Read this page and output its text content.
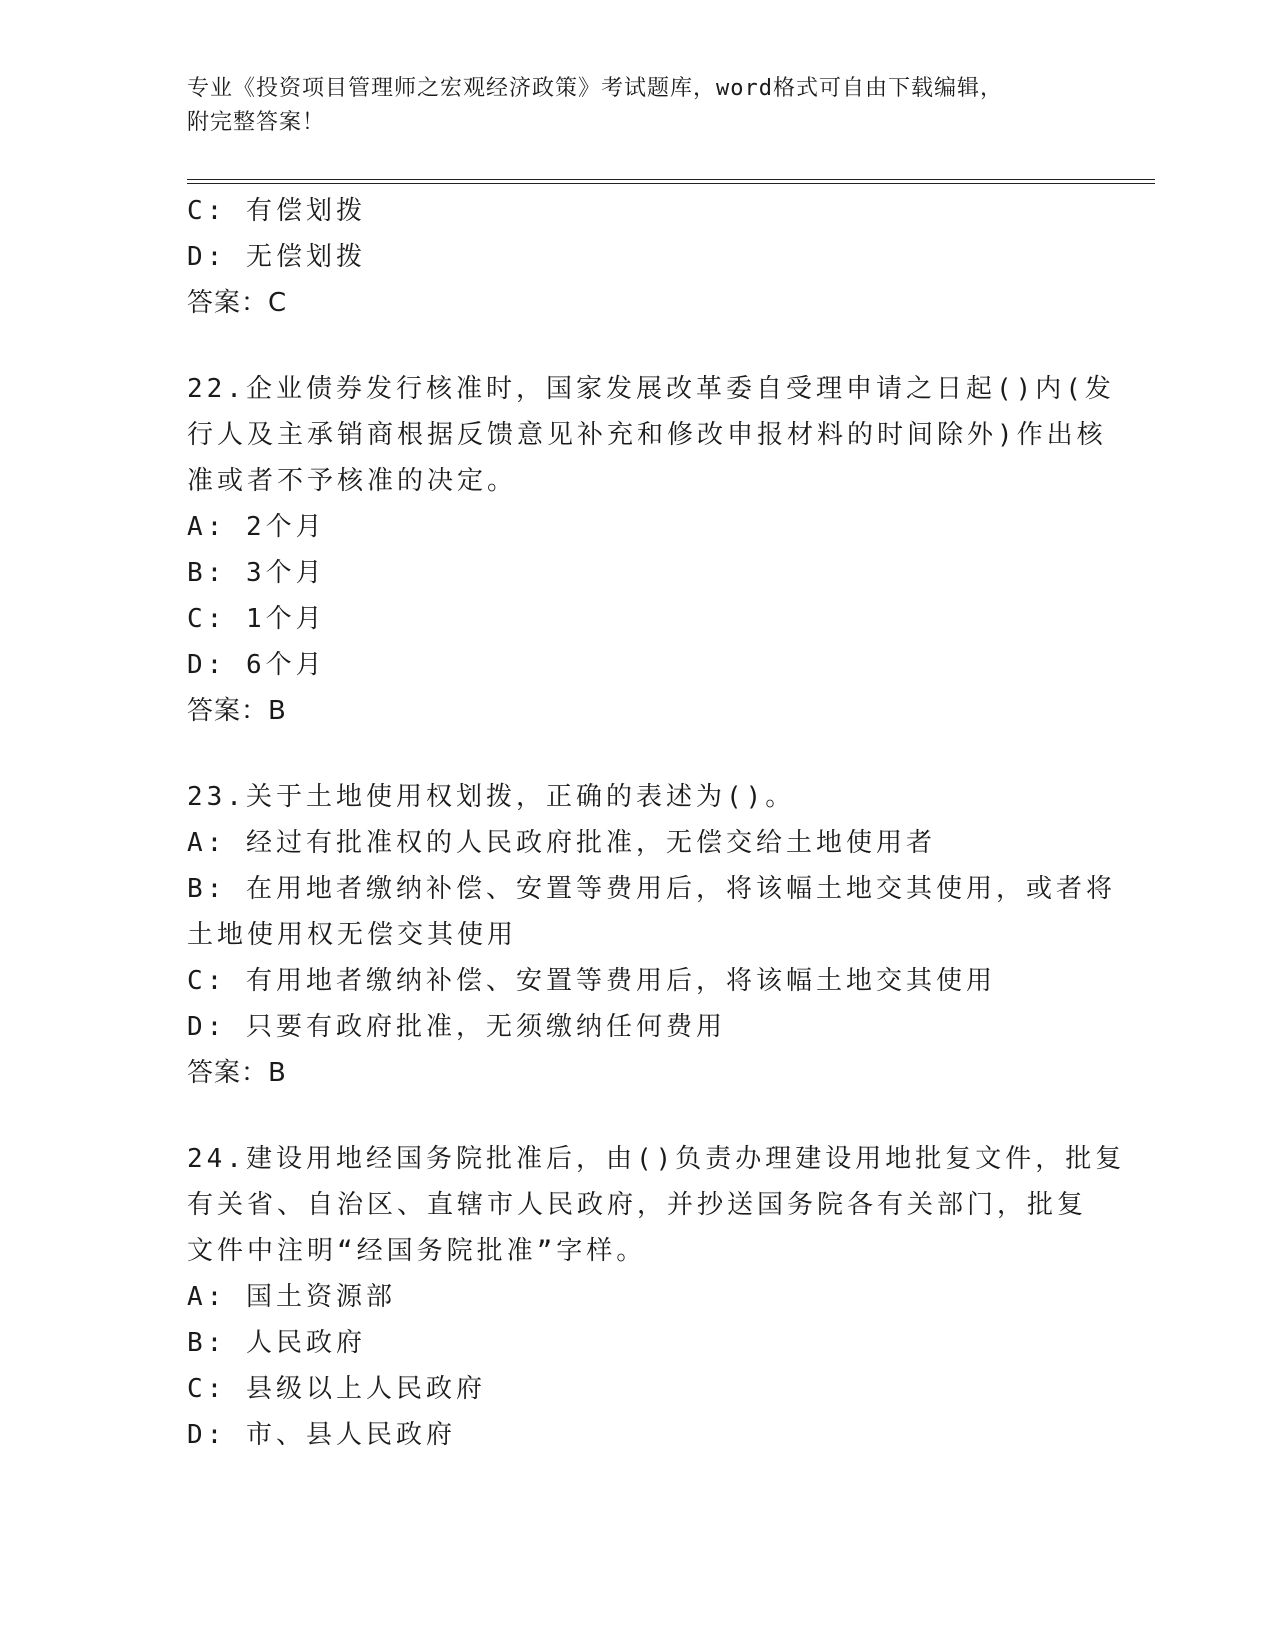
专业《投资项目管理师之宏观经济政策》考试题库，word格式可自由下载编辑，
附完整答案！
C: 有偿划拨
D: 无偿划拨
答案：C
22.企业债券发行核准时，国家发展改革委自受理申请之日起()内(发
行人及主承销商根据反馈意见补充和修改申报材料的时间除外)作出核
准或者不予核准的决定。
A: 2个月
B: 3个月
C: 1个月
D: 6个月
答案：B
23.关于土地使用权划拨，正确的表述为()。
A: 经过有批准权的人民政府批准，无偿交给土地使用者
B: 在用地者缴纳补偿、安置等费用后，将该幅土地交其使用，或者将
土地使用权无偿交其使用
C: 有用地者缴纳补偿、安置等费用后，将该幅土地交其使用
D: 只要有政府批准，无须缴纳任何费用
答案：B
24.建设用地经国务院批准后，由()负责办理建设用地批复文件，批复
有关省、自治区、直辖市人民政府，并抄送国务院各有关部门，批复
文件中注明“经国务院批准”字样。
A: 国土资源部
B: 人民政府
C: 县级以上人民政府
D: 市、县人民政府
